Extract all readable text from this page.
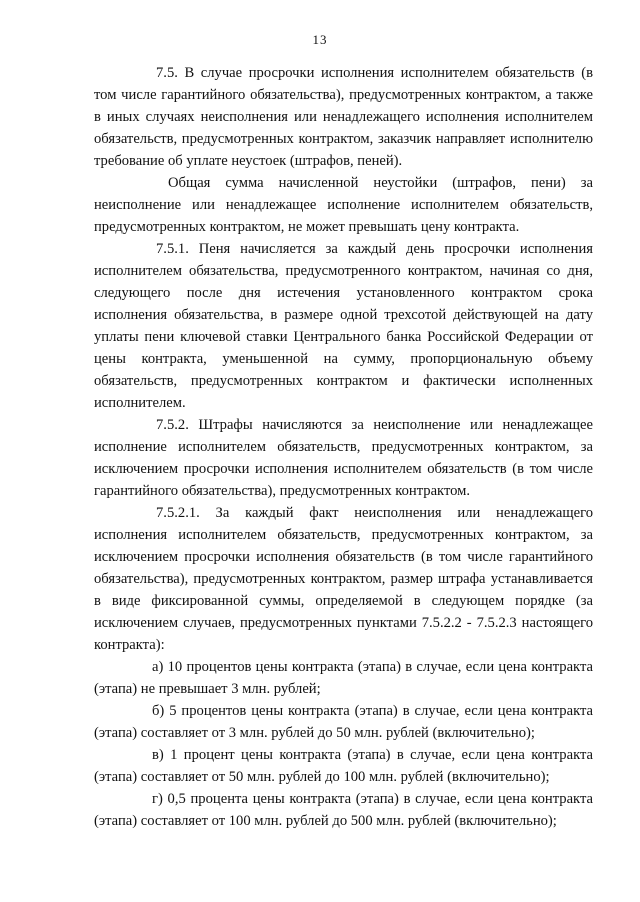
13

7.5. В случае просрочки исполнения исполнителем обязательств (в том числе гарантийного обязательства), предусмотренных контрактом, а также в иных случаях неисполнения или ненадлежащего исполнения исполнителем обязательств, предусмотренных контрактом, заказчик направляет исполнителю требование об уплате неустоек (штрафов, пеней).

Общая сумма начисленной неустойки (штрафов, пени) за неисполнение или ненадлежащее исполнение исполнителем обязательств, предусмотренных контрактом, не может превышать цену контракта.

7.5.1. Пеня начисляется за каждый день просрочки исполнения исполнителем обязательства, предусмотренного контрактом, начиная со дня, следующего после дня истечения установленного контрактом срока исполнения обязательства, в размере одной трехсотой действующей на дату уплаты пени ключевой ставки Центрального банка Российской Федерации от цены контракта, уменьшенной на сумму, пропорциональную объему обязательств, предусмотренных контрактом и фактически исполненных исполнителем.

7.5.2. Штрафы начисляются за неисполнение или ненадлежащее исполнение исполнителем обязательств, предусмотренных контрактом, за исключением просрочки исполнения исполнителем обязательств (в том числе гарантийного обязательства), предусмотренных контрактом.

7.5.2.1. За каждый факт неисполнения или ненадлежащего исполнения исполнителем обязательств, предусмотренных контрактом, за исключением просрочки исполнения обязательств (в том числе гарантийного обязательства), предусмотренных контрактом, размер штрафа устанавливается в виде фиксированной суммы, определяемой в следующем порядке (за исключением случаев, предусмотренных пунктами 7.5.2.2 - 7.5.2.3 настоящего контракта):

а) 10 процентов цены контракта (этапа) в случае, если цена контракта (этапа) не превышает 3 млн. рублей;

б) 5 процентов цены контракта (этапа) в случае, если цена контракта (этапа) составляет от 3 млн. рублей до 50 млн. рублей (включительно);

в) 1 процент цены контракта (этапа) в случае, если цена контракта (этапа) составляет от 50 млн. рублей до 100 млн. рублей (включительно);

г) 0,5 процента цены контракта (этапа) в случае, если цена контракта (этапа) составляет от 100 млн. рублей до 500 млн. рублей (включительно);
